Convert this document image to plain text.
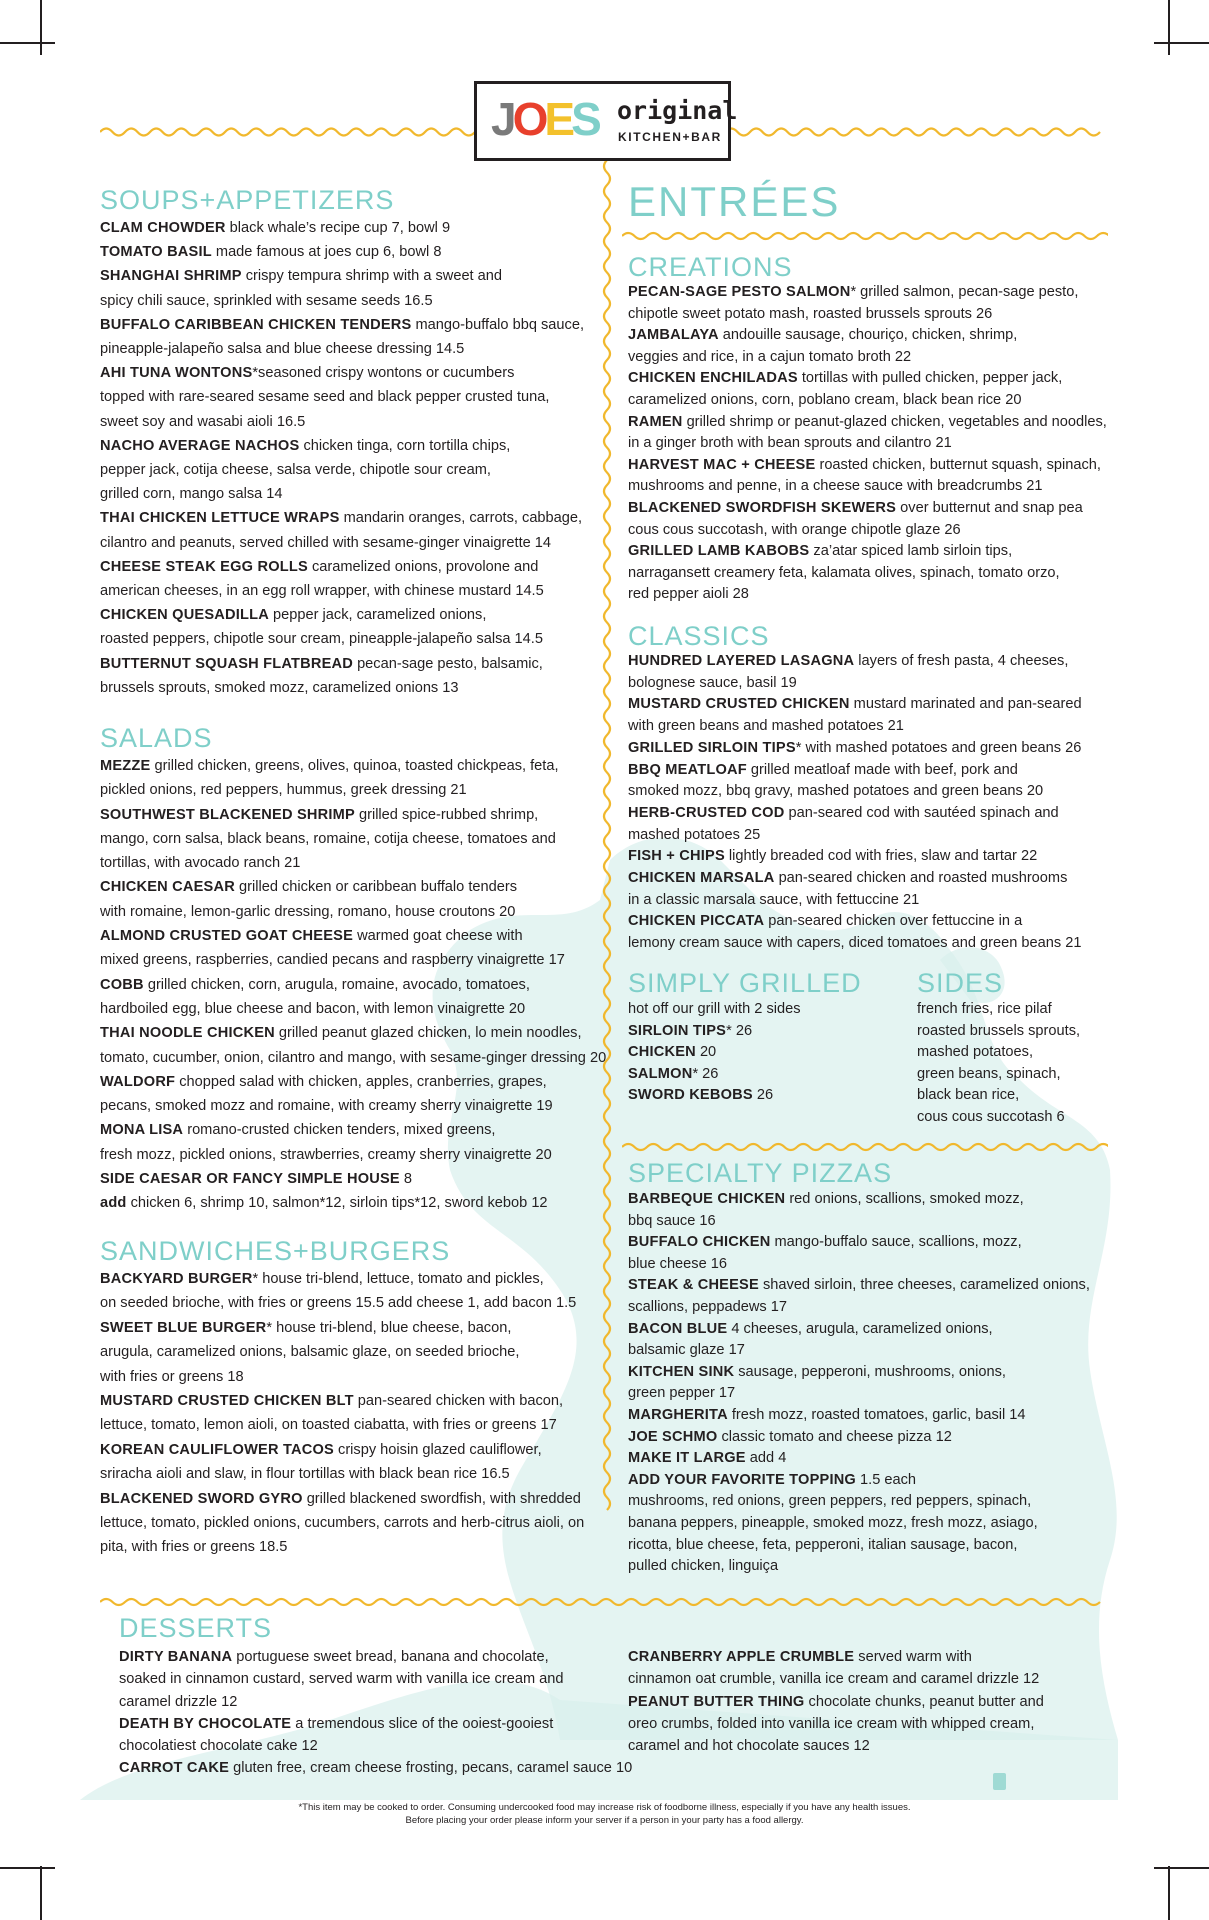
JOES original
KITCHEN+BAR
SOUPS+APPETIZERS

CLAM CHOWDER black whale’s recipe cup 7, bowl 9

TOMATO BASIL made famous at joes cup 6, bowl 8

SHANGHAI SHRIMP crispy tempura shrimp with a sweet and

spicy chili sauce, sprinkled with sesame seeds 16.5

BUFFALO CARIBBEAN CHICKEN TENDERS mango-buffalo bbq sauce,

pineapple-jalapeño salsa and blue cheese dressing 14.5

AHI TUNA WONTONS*seasoned crispy wontons or cucumbers

topped with rare-seared sesame seed and black pepper crusted tuna,

sweet soy and wasabi aioli 16.5

NACHO AVERAGE NACHOS chicken tinga, corn tortilla chips,

pepper jack, cotija cheese, salsa verde, chipotle sour cream,

grilled corn, mango salsa 14

THAI CHICKEN LETTUCE WRAPS mandarin oranges, carrots, cabbage,

cilantro and peanuts, served chilled with sesame-ginger vinaigrette 14

CHEESE STEAK EGG ROLLS caramelized onions, provolone and

american cheeses, in an egg roll wrapper, with chinese mustard 14.5

CHICKEN QUESADILLA pepper jack, caramelized onions,

roasted peppers, chipotle sour cream, pineapple-jalapeño salsa 14.5

BUTTERNUT SQUASH FLATBREAD pecan-sage pesto, balsamic,

brussels sprouts, smoked mozz, caramelized onions 13

SALADS

MEZZE grilled chicken, greens, olives, quinoa, toasted chickpeas, feta,

pickled onions, red peppers, hummus, greek dressing 21

SOUTHWEST BLACKENED SHRIMP grilled spice-rubbed shrimp,

mango, corn salsa, black beans, romaine, cotija cheese, tomatoes and

tortillas, with avocado ranch 21

CHICKEN CAESAR grilled chicken or caribbean buffalo tenders

with romaine, lemon-garlic dressing, romano, house croutons 20

ALMOND CRUSTED GOAT CHEESE warmed goat cheese with

mixed greens, raspberries, candied pecans and raspberry vinaigrette 17

COBB grilled chicken, corn, arugula, romaine, avocado, tomatoes,

hardboiled egg, blue cheese and bacon, with lemon vinaigrette 20

THAI NOODLE CHICKEN grilled peanut glazed chicken, lo mein noodles,

tomato, cucumber, onion, cilantro and mango, with sesame-ginger dressing 20

WALDORF chopped salad with chicken, apples, cranberries, grapes,

pecans, smoked mozz and romaine, with creamy sherry vinaigrette 19

MONA LISA romano-crusted chicken tenders, mixed greens,

fresh mozz, pickled onions, strawberries, creamy sherry vinaigrette 20

SIDE CAESAR OR FANCY SIMPLE HOUSE 8

add chicken 6, shrimp 10, salmon*12, sirloin tips*12, sword kebob 12

SANDWICHES+BURGERS

BACKYARD BURGER* house tri-blend, lettuce, tomato and pickles,

on seeded brioche, with fries or greens 15.5 add cheese 1, add bacon 1.5

SWEET BLUE BURGER* house tri-blend, blue cheese, bacon,

arugula, caramelized onions, balsamic glaze, on seeded brioche,

with fries or greens 18

MUSTARD CRUSTED CHICKEN BLT pan-seared chicken with bacon,

lettuce, tomato, lemon aioli, on toasted ciabatta, with fries or greens 17

KOREAN CAULIFLOWER TACOS crispy hoisin glazed cauliflower,

sriracha aioli and slaw, in flour tortillas with black bean rice 16.5

BLACKENED SWORD GYRO grilled blackened swordfish, with shredded

lettuce, tomato, pickled onions, cucumbers, carrots and herb-citrus aioli, on

pita, with fries or greens 18.5

ENTRÉES
CREATIONS

PECAN-SAGE PESTO SALMON* grilled salmon, pecan-sage pesto,

chipotle sweet potato mash, roasted brussels sprouts 26

JAMBALAYA andouille sausage, chouriço, chicken, shrimp,

veggies and rice, in a cajun tomato broth 22

CHICKEN ENCHILADAS tortillas with pulled chicken, pepper jack,

caramelized onions, corn, poblano cream, black bean rice 20

RAMEN grilled shrimp or peanut-glazed chicken, vegetables and noodles,

in a ginger broth with bean sprouts and cilantro 21

HARVEST MAC + CHEESE roasted chicken, butternut squash, spinach,

mushrooms and penne, in a cheese sauce with breadcrumbs 21

BLACKENED SWORDFISH SKEWERS over butternut and snap pea

cous cous succotash, with orange chipotle glaze 26

GRILLED LAMB KABOBS za’atar spiced lamb sirloin tips,

narragansett creamery feta, kalamata olives, spinach, tomato orzo,

red pepper aioli 28

CLASSICS

HUNDRED LAYERED LASAGNA layers of fresh pasta, 4 cheeses,

bolognese sauce, basil 19

MUSTARD CRUSTED CHICKEN mustard marinated and pan-seared

with green beans and mashed potatoes 21

GRILLED SIRLOIN TIPS* with mashed potatoes and green beans 26

BBQ MEATLOAF grilled meatloaf made with beef, pork and

smoked mozz, bbq gravy, mashed potatoes and green beans 20

HERB-CRUSTED COD pan-seared cod with sautéed spinach and

mashed potatoes 25

FISH + CHIPS lightly breaded cod with fries, slaw and tartar 22

CHICKEN MARSALA pan-seared chicken and roasted mushrooms

in a classic marsala sauce, with fettuccine 21

CHICKEN PICCATA pan-seared chicken over fettuccine in a

lemony cream sauce with capers, diced tomatoes and green beans 21

SIMPLY GRILLED

hot off our grill with 2 sides

SIRLOIN TIPS* 26

CHICKEN 20

SALMON* 26

SWORD KEBOBS 26

SIDES

french fries, rice pilaf

roasted brussels sprouts,

mashed potatoes,

green beans, spinach,

black bean rice,

cous cous succotash 6

SPECIALTY PIZZAS

BARBEQUE CHICKEN red onions, scallions, smoked mozz,

bbq sauce 16

BUFFALO CHICKEN mango-buffalo sauce, scallions, mozz,

blue cheese 16

STEAK & CHEESE shaved sirloin, three cheeses, caramelized onions,

scallions, peppadews 17

BACON BLUE 4 cheeses, arugula, caramelized onions,

balsamic glaze 17

KITCHEN SINK sausage, pepperoni, mushrooms, onions,

green pepper 17

MARGHERITA fresh mozz, roasted tomatoes, garlic, basil 14

JOE SCHMO classic tomato and cheese pizza 12

MAKE IT LARGE add 4

ADD YOUR FAVORITE TOPPING 1.5 each

mushrooms, red onions, green peppers, red peppers, spinach,

banana peppers, pineapple, smoked mozz, fresh mozz, asiago,

ricotta, blue cheese, feta, pepperoni, italian sausage, bacon,

pulled chicken, linguiça

DESSERTS

DIRTY BANANA portuguese sweet bread, banana and chocolate,

soaked in cinnamon custard, served warm with vanilla ice cream and

caramel drizzle 12

DEATH BY CHOCOLATE a tremendous slice of the ooiest-gooiest

chocolatiest chocolate cake 12

CARROT CAKE gluten free, cream cheese frosting, pecans, caramel sauce 10

CRANBERRY APPLE CRUMBLE served warm with

cinnamon oat crumble, vanilla ice cream and caramel drizzle 12

PEANUT BUTTER THING chocolate chunks, peanut butter and

oreo crumbs, folded into vanilla ice cream with whipped cream,

caramel and hot chocolate sauces 12

*This item may be cooked to order. Consuming undercooked food may increase risk of foodborne illness, especially if you have any health issues.
Before placing your order please inform your server if a person in your party has a food allergy.
